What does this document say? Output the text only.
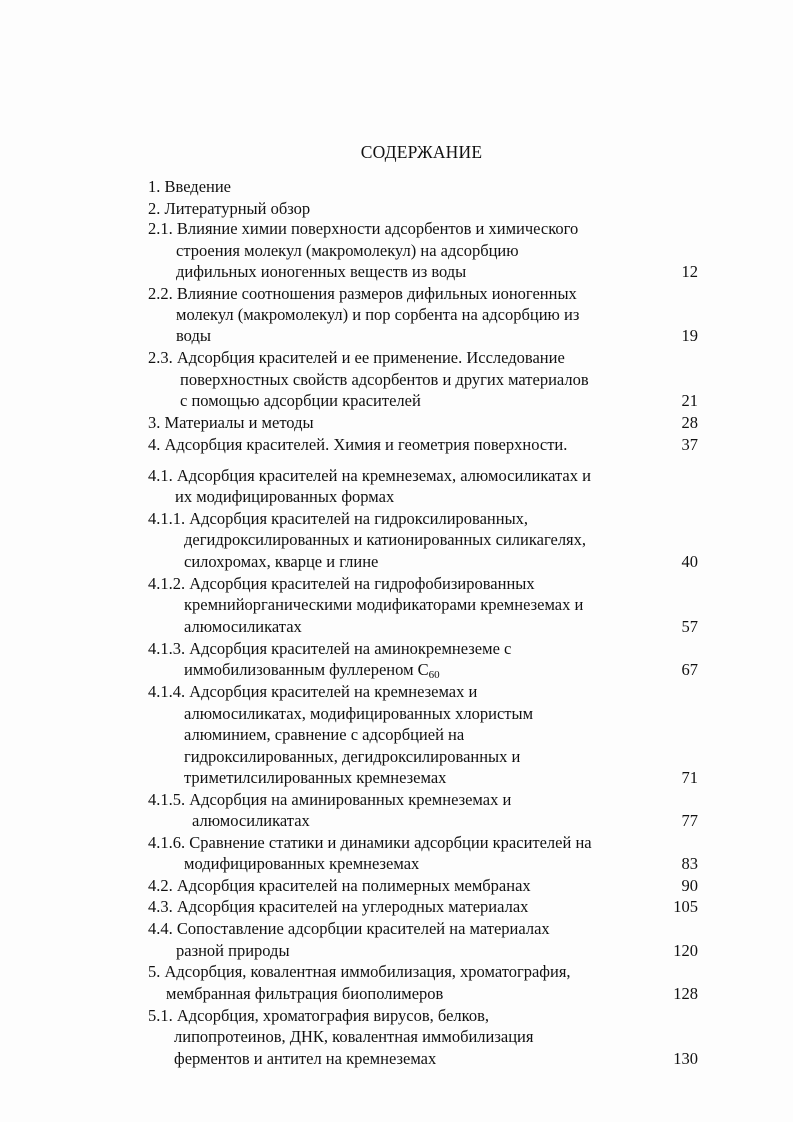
СОДЕРЖАНИЕ
1. Введение
2. Литературный обзор
2.1. Влияние химии поверхности адсорбентов и химического
строения молекул (макромолекул) на адсорбцию
дифильных ионогенных веществ из воды	12
2.2. Влияние соотношения размеров дифильных ионогенных
молекул (макромолекул) и пор сорбента на адсорбцию из
воды	19
2.3. Адсорбция красителей и ее применение. Исследование
поверхностных свойств адсорбентов и других материалов
с помощью адсорбции красителей	21
3. Материалы и методы	28
4. Адсорбция красителей. Химия и геометрия поверхности.	37
4.1. Адсорбция красителей на кремнеземах, алюмосиликатах и
их модифицированных формах
4.1.1. Адсорбция красителей на гидроксилированных,
дегидроксилированных и катионированных силикагелях,
силохромах, кварце и глине	40
4.1.2. Адсорбция красителей на гидрофобизированных
кремнийорганическими модификаторами кремнеземах и
алюмосиликатах	57
4.1.3. Адсорбция красителей на аминокремнеземе с
иммобилизованным фуллереном $C_{60}$	67
4.1.4. Адсорбция красителей на кремнеземах и
алюмосиликатах, модифицированных хлористым
алюминием, сравнение с адсорбцией на
гидроксилированных, дегидроксилированных и
триметилсилированных кремнеземах	71
4.1.5. Адсорбция на аминированных кремнеземах и
алюмосиликатах	77
4.1.6. Сравнение статики и динамики адсорбции красителей на
модифицированных кремнеземах	83
4.2. Адсорбция красителей на полимерных мембранах	90
4.3. Адсорбция красителей на углеродных материалах	105
4.4. Сопоставление адсорбции красителей на материалах
разной природы	120
5. Адсорбция, ковалентная иммобилизация, хроматография,
мембранная фильтрация биополимеров	128
5.1. Адсорбция, хроматография вирусов, белков,
липопротеинов, ДНК, ковалентная иммобилизация
ферментов и антител на кремнеземах	130
